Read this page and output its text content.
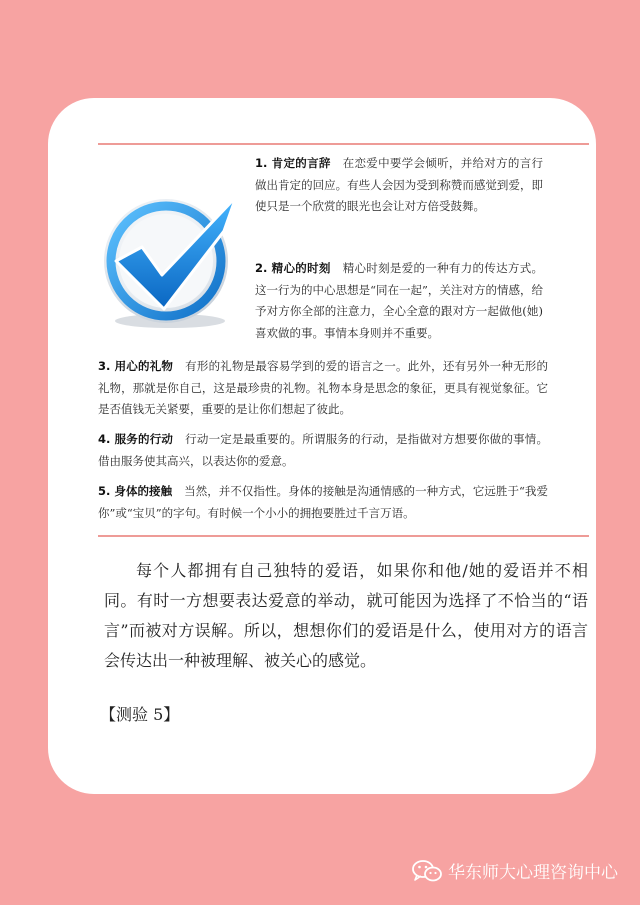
1. 肯定的言辞 在恋爱中要学会倾听，并给对方的言行做出肯定的回应。有些人会因为受到称赞而感觉到爱，即使只是一个欣赏的眼光也会让对方倍受鼓舞。

2. 精心的时刻 精心时刻是爱的一种有力的传达方式。这一行为的中心思想是“同在一起”，关注对方的情感，给予对方你全部的注意力，全心全意的跟对方一起做他(她)喜欢做的事。事情本身则并不重要。

3. 用心的礼物 有形的礼物是最容易学到的爱的语言之一。此外，还有另外一种无形的礼物，那就是你自己，这是最珍贵的礼物。礼物本身是思念的象征，更具有视觉象征。它是否值钱无关紧要，重要的是让你们想起了彼此。

4. 服务的行动 行动一定是最重要的。所谓服务的行动，是指做对方想要你做的事情。借由服务使其高兴，以表达你的爱意。

5. 身体的接触 当然，并不仅指性。身体的接触是沟通情感的一种方式，它远胜于“我爱你”或“宝贝”的字句。有时候一个小小的拥抱要胜过千言万语。

每个人都拥有自己独特的爱语，如果你和他/她的爱语并不相同。有时一方想要表达爱意的举动，就可能因为选择了不恰当的“语言”而被对方误解。所以，想想你们的爱语是什么，使用对方的语言会传达出一种被理解、被关心的感觉。

【测验 5】

华东师大心理咨询中心
